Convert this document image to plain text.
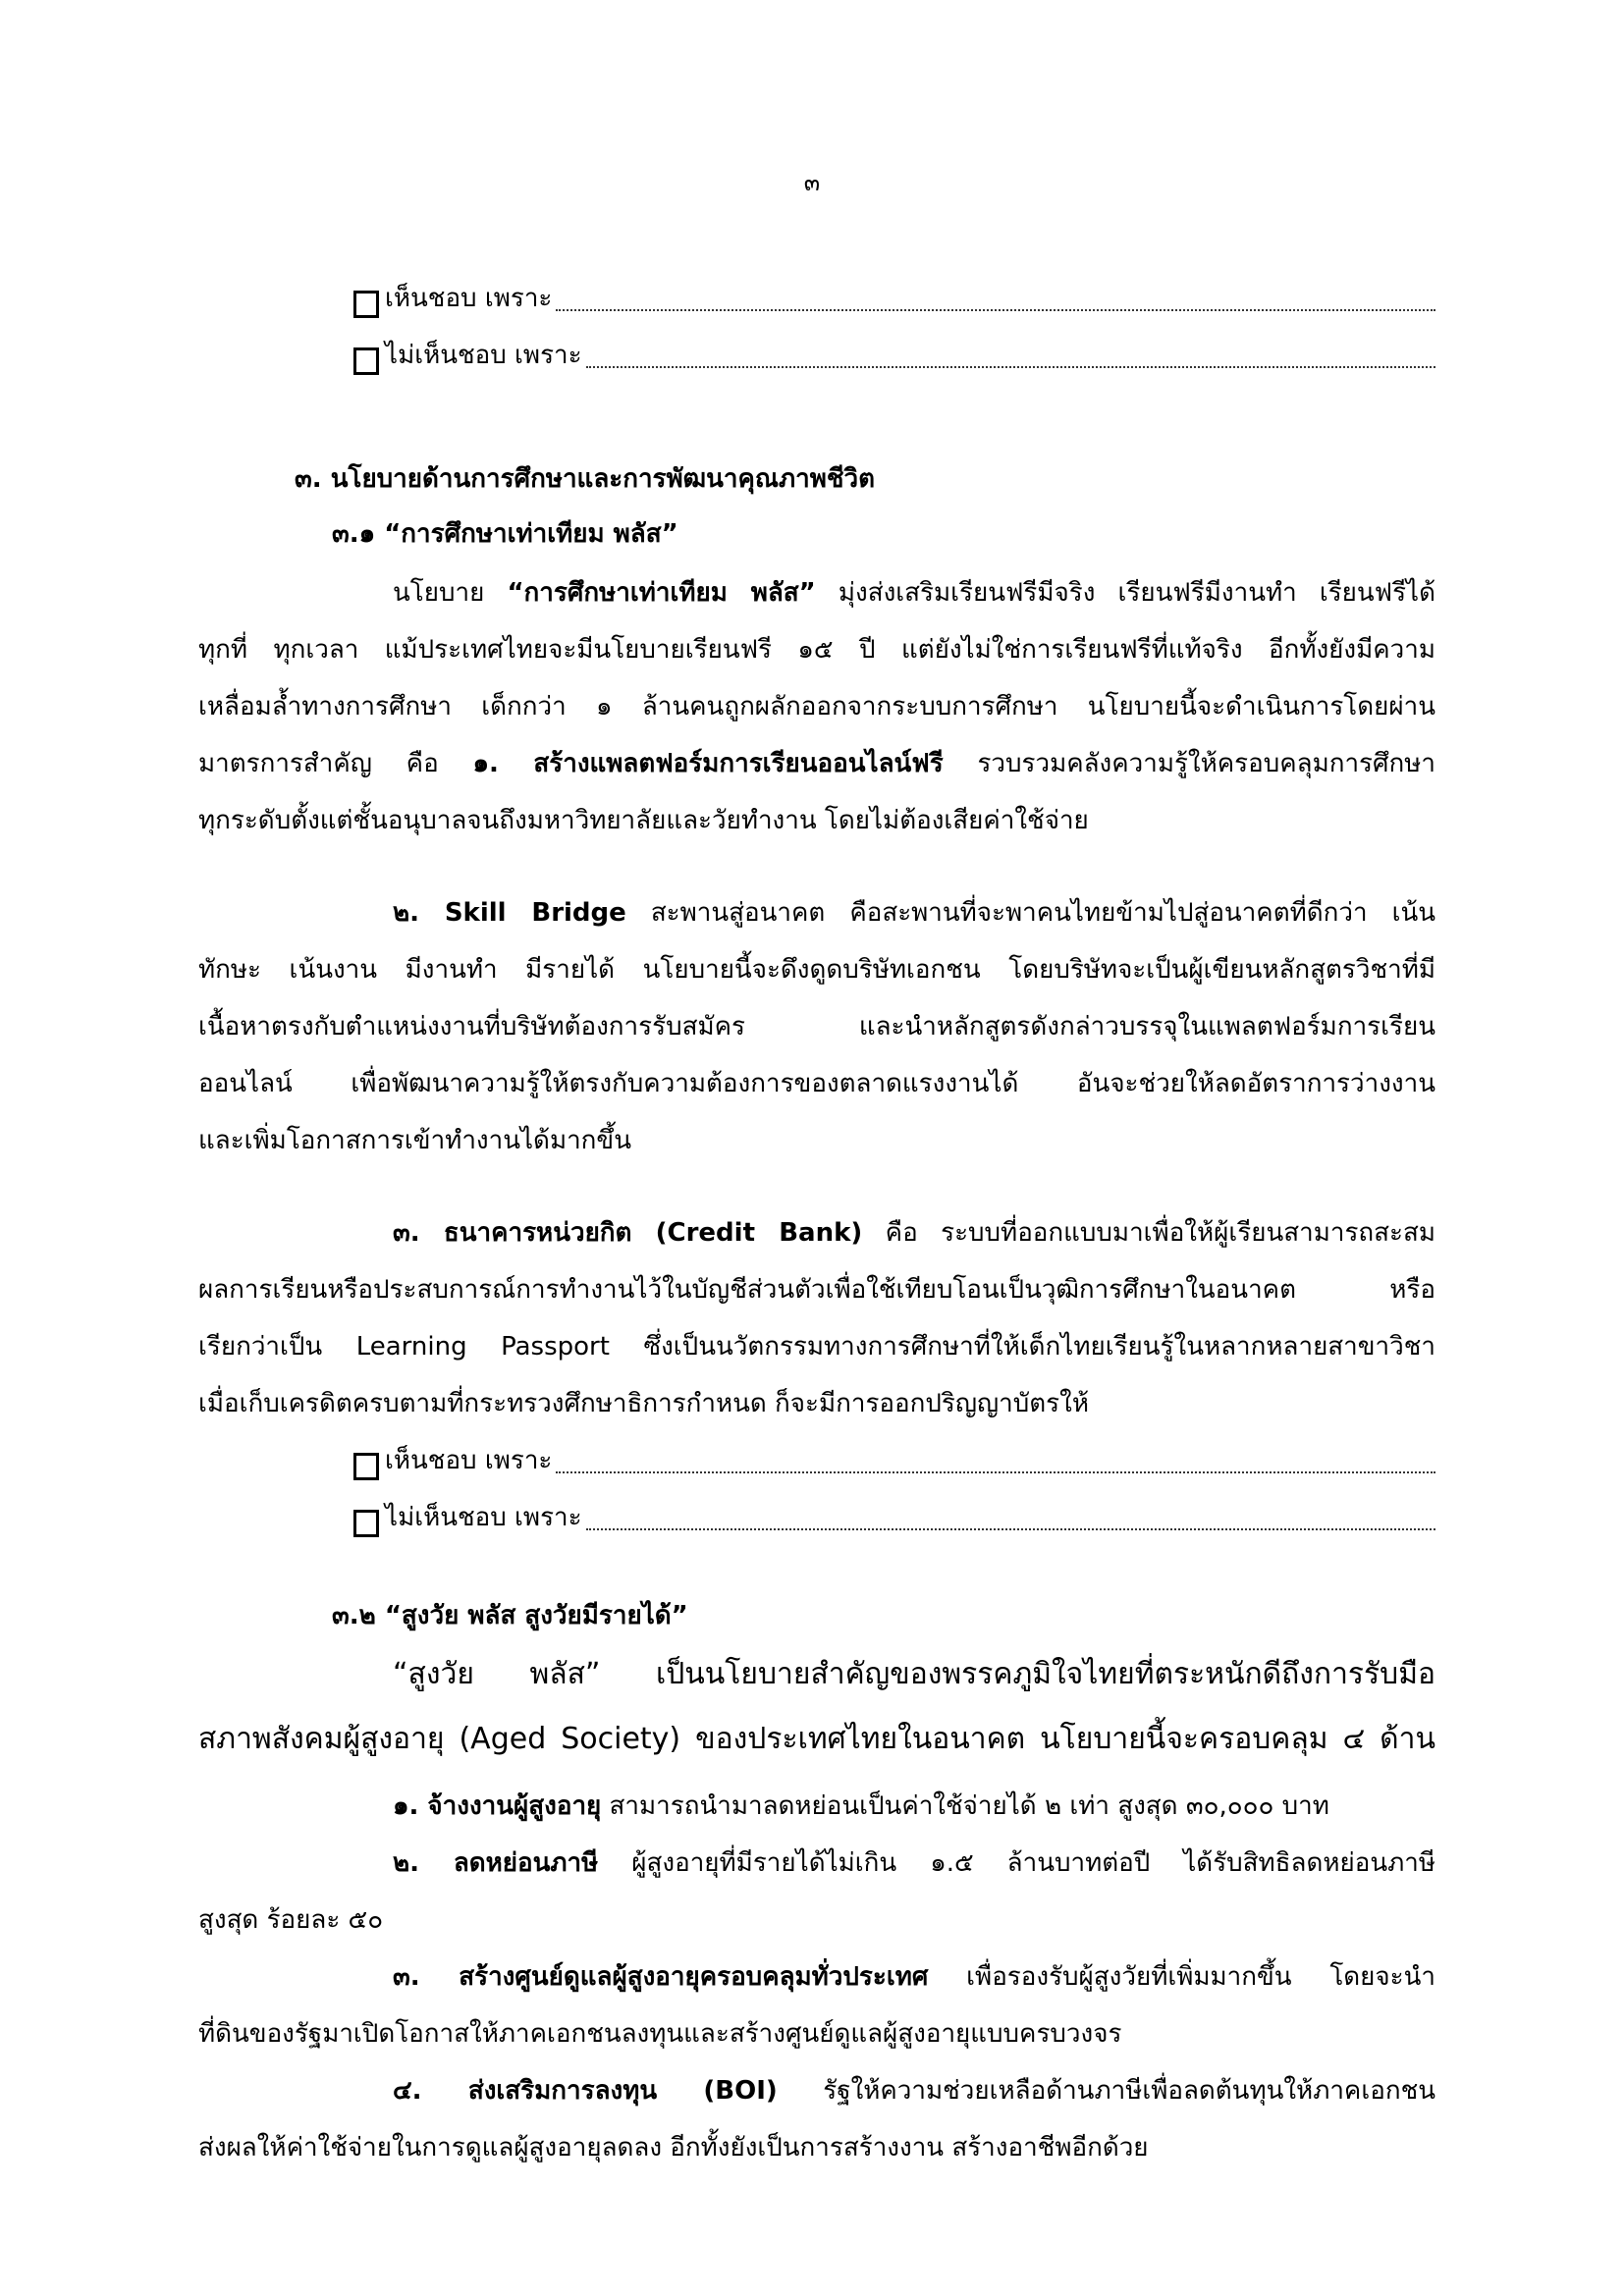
๓
เห็นชอบ เพราะ
ไม่เห็นชอบ เพราะ
๓. นโยบายด้านการศึกษาและการพัฒนาคุณภาพชีวิต
๓.๑ “การศึกษาเท่าเทียม พลัส”
นโยบาย “การศึกษาเท่าเทียม พลัส” มุ่งส่งเสริมเรียนฟรีมีจริง เรียนฟรีมีงานทำ เรียนฟรีได้
ทุกที่ ทุกเวลา แม้ประเทศไทยจะมีนโยบายเรียนฟรี ๑๕ ปี แต่ยังไม่ใช่การเรียนฟรีที่แท้จริง อีกทั้งยังมีความ
เหลื่อมล้ำทางการศึกษา เด็กกว่า ๑ ล้านคนถูกผลักออกจากระบบการศึกษา นโยบายนี้จะดำเนินการโดยผ่าน
มาตรการสำคัญ คือ ๑. สร้างแพลตฟอร์มการเรียนออนไลน์ฟรี รวบรวมคลังความรู้ให้ครอบคลุมการศึกษา
ทุกระดับตั้งแต่ชั้นอนุบาลจนถึงมหาวิทยาลัยและวัยทำงาน โดยไม่ต้องเสียค่าใช้จ่าย
๒. Skill Bridge สะพานสู่อนาคต คือสะพานที่จะพาคนไทยข้ามไปสู่อนาคตที่ดีกว่า เน้น
ทักษะ เน้นงาน มีงานทำ มีรายได้ นโยบายนี้จะดึงดูดบริษัทเอกชน โดยบริษัทจะเป็นผู้เขียนหลักสูตรวิชาที่มี
เนื้อหาตรงกับตำแหน่งงานที่บริษัทต้องการรับสมัคร และนำหลักสูตรดังกล่าวบรรจุในแพลตฟอร์มการเรียน
ออนไลน์ เพื่อพัฒนาความรู้ให้ตรงกับความต้องการของตลาดแรงงานได้ อันจะช่วยให้ลดอัตราการว่างงาน
และเพิ่มโอกาสการเข้าทำงานได้มากขึ้น
๓. ธนาคารหน่วยกิต (Credit Bank) คือ ระบบที่ออกแบบมาเพื่อให้ผู้เรียนสามารถสะสม
ผลการเรียนหรือประสบการณ์การทำงานไว้ในบัญชีส่วนตัวเพื่อใช้เทียบโอนเป็นวุฒิการศึกษาในอนาคต หรือ
เรียกว่าเป็น Learning Passport ซึ่งเป็นนวัตกรรมทางการศึกษาที่ให้เด็กไทยเรียนรู้ในหลากหลายสาขาวิชา
เมื่อเก็บเครดิตครบตามที่กระทรวงศึกษาธิการกำหนด ก็จะมีการออกปริญญาบัตรให้
เห็นชอบ เพราะ
ไม่เห็นชอบ เพราะ
๓.๒ “สูงวัย พลัส สูงวัยมีรายได้”
“สูงวัย พลัส” เป็นนโยบายสำคัญของพรรคภูมิใจไทยที่ตระหนักดีถึงการรับมือ
สภาพสังคมผู้สูงอายุ (Aged Society) ของประเทศไทยในอนาคต นโยบายนี้จะครอบคลุม ๔ ด้าน
๑. จ้างงานผู้สูงอายุ สามารถนำมาลดหย่อนเป็นค่าใช้จ่ายได้ ๒ เท่า สูงสุด ๓๐,๐๐๐ บาท
๒. ลดหย่อนภาษี ผู้สูงอายุที่มีรายได้ไม่เกิน ๑.๕ ล้านบาทต่อปี ได้รับสิทธิลดหย่อนภาษี
สูงสุด ร้อยละ ๕๐
๓. สร้างศูนย์ดูแลผู้สูงอายุครอบคลุมทั่วประเทศ เพื่อรองรับผู้สูงวัยที่เพิ่มมากขึ้น โดยจะนำ
ที่ดินของรัฐมาเปิดโอกาสให้ภาคเอกชนลงทุนและสร้างศูนย์ดูแลผู้สูงอายุแบบครบวงจร
๔. ส่งเสริมการลงทุน (BOI) รัฐให้ความช่วยเหลือด้านภาษีเพื่อลดต้นทุนให้ภาคเอกชน
ส่งผลให้ค่าใช้จ่ายในการดูแลผู้สูงอายุลดลง อีกทั้งยังเป็นการสร้างงาน สร้างอาชีพอีกด้วย
